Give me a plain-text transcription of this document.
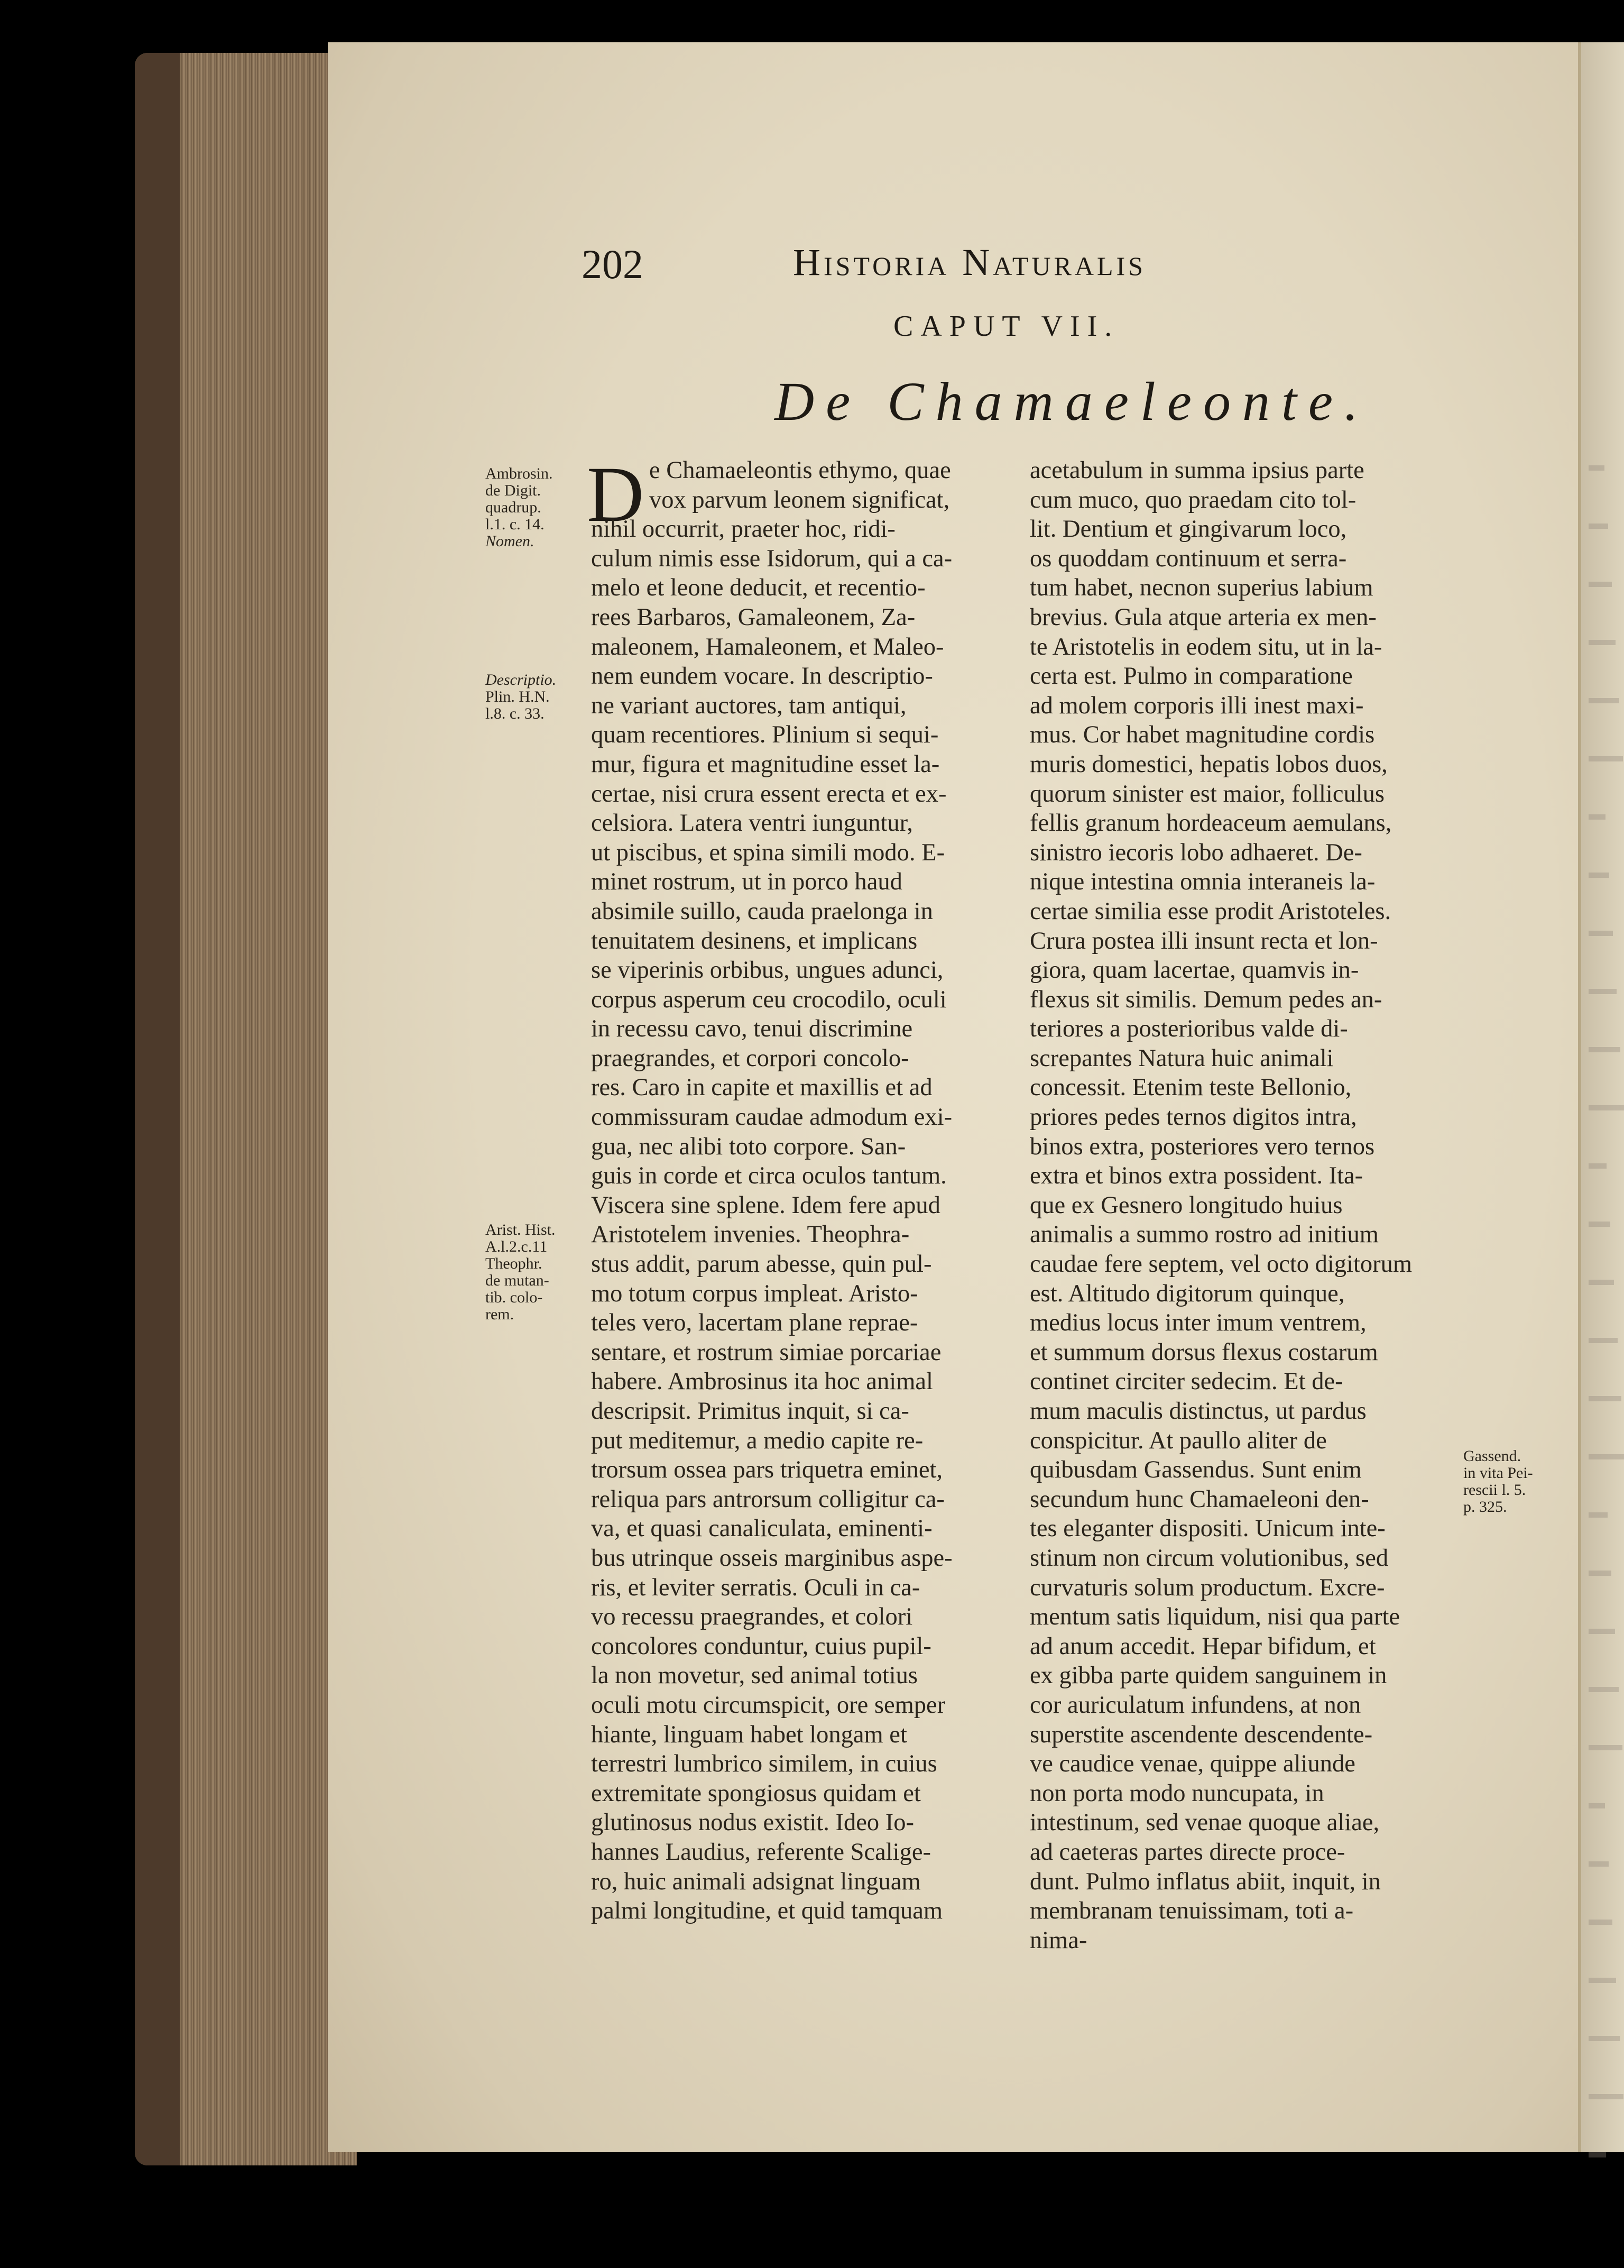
202	Historia Naturalis
CAPUT VII.
De Chamaeleonte.
D e Chamaeleontis ethymo, quae
vox parvum leonem significat,
nihil occurrit, praeter hoc, ridi-
culum nimis esse Isidorum, qui a ca-
melo et leone deducit, et recentio-
rees Barbaros, Gamaleonem, Za-
maleonem, Hamaleonem, et Maleo-
nem eundem vocare. In descriptio-
ne variant auctores, tam antiqui,
quam recentiores. Plinium si sequi-
mur, figura et magnitudine esset la-
certae, nisi crura essent erecta et ex-
celsiora. Latera ventri iunguntur,
ut piscibus, et spina simili modo. E-
minet rostrum, ut in porco haud
absimile suillo, cauda praelonga in
tenuitatem desinens, et implicans
se viperinis orbibus, ungues adunci,
corpus asperum ceu crocodilo, oculi
in recessu cavo, tenui discrimine
praegrandes, et corpori concolo-
res. Caro in capite et maxillis et ad
commissuram caudae admodum exi-
gua, nec alibi toto corpore. San-
guis in corde et circa oculos tantum.
Viscera sine splene. Idem fere apud
Aristotelem invenies. Theophra-
stus addit, parum abesse, quin pul-
mo totum corpus impleat. Aristo-
teles vero, lacertam plane reprae-
sentare, et rostrum simiae porcariae
habere. Ambrosinus ita hoc animal
descripsit. Primitus inquit, si ca-
put meditemur, a medio capite re-
trorsum ossea pars triquetra eminet,
reliqua pars antrorsum colligitur ca-
va, et quasi canaliculata, eminenti-
bus utrinque osseis marginibus aspe-
ris, et leviter serratis. Oculi in ca-
vo recessu praegrandes, et colori
concolores conduntur, cuius pupil-
la non movetur, sed animal totius
oculi motu circumspicit, ore semper
hiante, linguam habet longam et
terrestri lumbrico similem, in cuius
extremitate spongiosus quidam et
glutinosus nodus existit. Ideo Io-
hannes Laudius, referente Scalige-
ro, huic animali adsignat linguam
palmi longitudine, et quid tamquam
acetabulum in summa ipsius parte
cum muco, quo praedam cito tol-
lit. Dentium et gingivarum loco,
os quoddam continuum et serra-
tum habet, necnon superius labium
brevius. Gula atque arteria ex men-
te Aristotelis in eodem situ, ut in la-
certa est. Pulmo in comparatione
ad molem corporis illi inest maxi-
mus. Cor habet magnitudine cordis
muris domestici, hepatis lobos duos,
quorum sinister est maior, folliculus
fellis granum hordeaceum aemulans,
sinistro iecoris lobo adhaeret. De-
nique intestina omnia interaneis la-
certae similia esse prodit Aristoteles.
Crura postea illi insunt recta et lon-
giora, quam lacertae, quamvis in-
flexus sit similis. Demum pedes an-
teriores a posterioribus valde di-
screpantes Natura huic animali
concessit. Etenim teste Bellonio,
priores pedes ternos digitos intra,
binos extra, posteriores vero ternos
extra et binos extra possident. Ita-
que ex Gesnero longitudo huius
animalis a summo rostro ad initium
caudae fere septem, vel octo digitorum
est. Altitudo digitorum quinque,
medius locus inter imum ventrem,
et summum dorsus flexus costarum
continet circiter sedecim. Et de-
mum maculis distinctus, ut pardus
conspicitur. At paullo aliter de
quibusdam Gassendus. Sunt enim
secundum hunc Chamaeleoni den-
tes eleganter dispositi. Unicum inte-
stinum non circum volutionibus, sed
curvaturis solum productum. Excre-
mentum satis liquidum, nisi qua parte
ad anum accedit. Hepar bifidum, et
ex gibba parte quidem sanguinem in
cor auriculatum infundens, at non
superstite ascendente descendente-
ve caudice venae, quippe aliunde
non porta modo nuncupata, in
intestinum, sed venae quoque aliae,
ad caeteras partes directe proce-
dunt. Pulmo inflatus abiit, inquit, in
membranam tenuissimam, toti a-
nima-
Ambrosin.
de Digit.
quadrup.
l.1. c. 14.
Nomen.
Descriptio.
Plin. H.N.
l.8. c. 33.
Arist. Hist.
A.l.2.c.11
Theophr.
de mutan-
tib. colo-
rem.
Gassend.
in vita Pei-
rescii l. 5.
p. 325.
